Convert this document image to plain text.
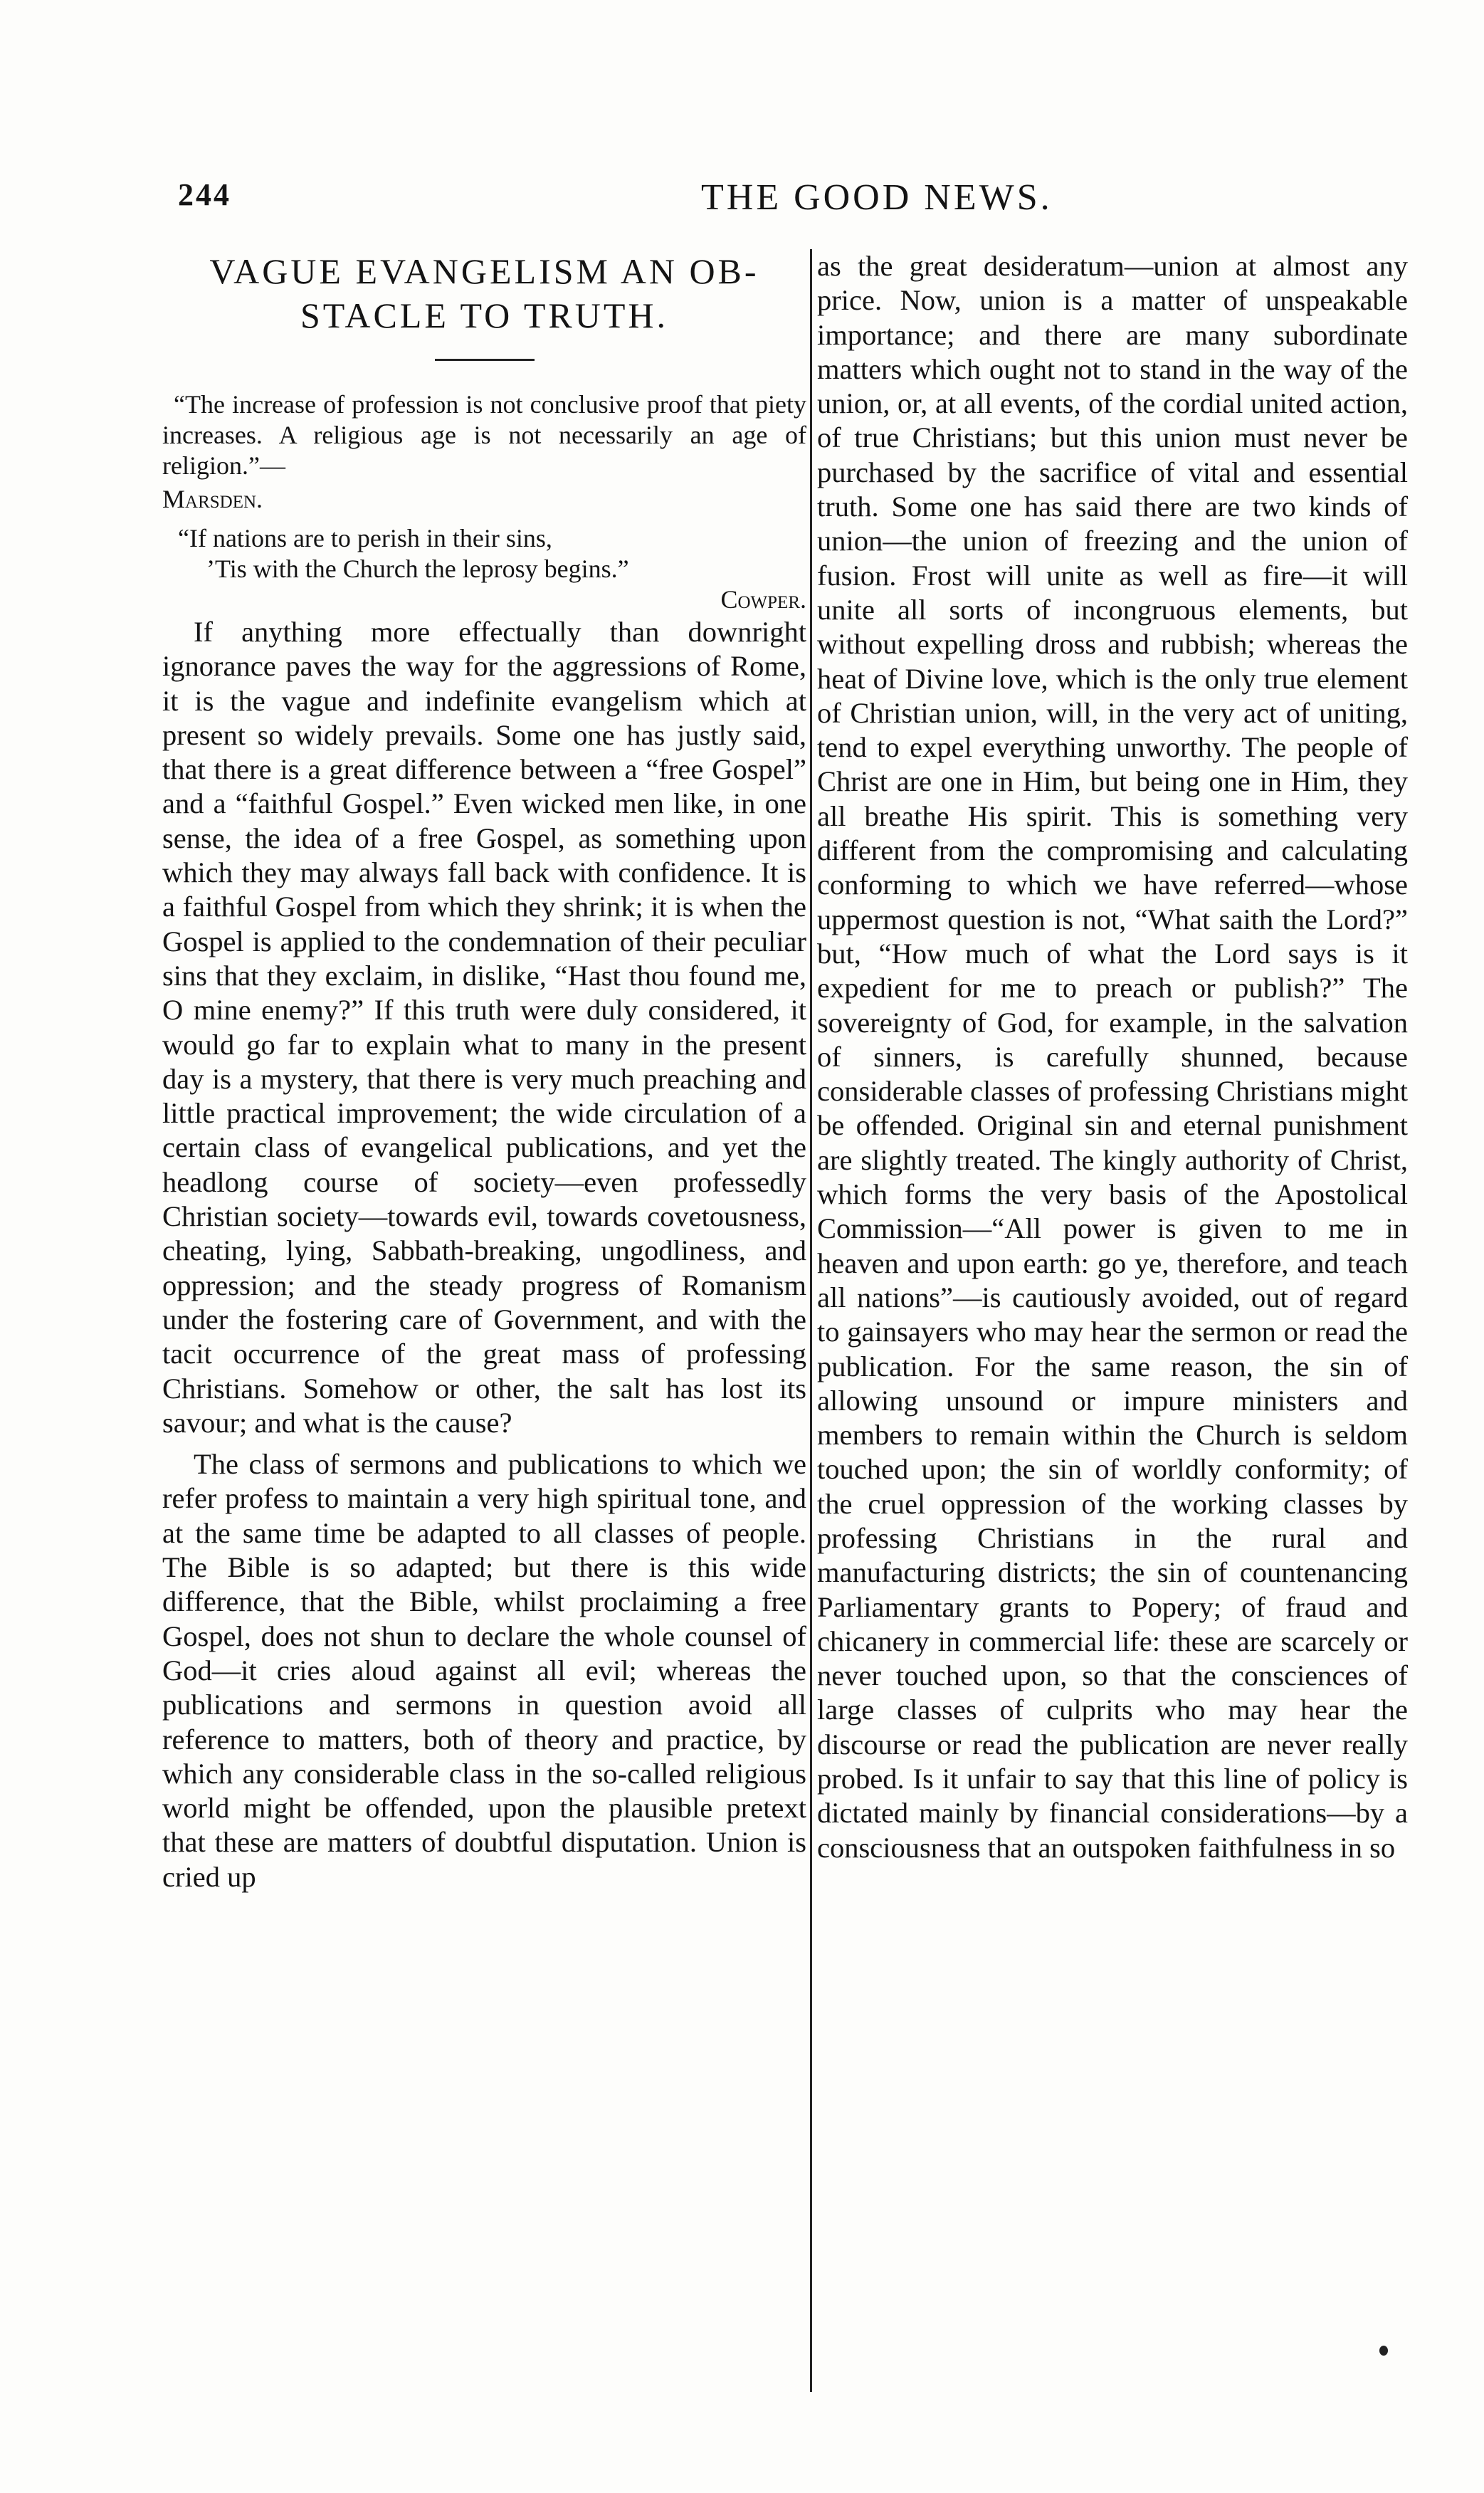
244	THE GOOD NEWS.
VAGUE EVANGELISM AN OB-STACLE TO TRUTH.

“The increase of profession is not conclusive proof that piety increases. A religious age is not necessarily an age of religion.”—

Marsden.

“If nations are to perish in their sins,

’Tis with the Church the leprosy begins.”

Cowper.

If anything more effectually than downright ignorance paves the way for the aggressions of Rome, it is the vague and indefinite evangelism which at present so widely prevails. Some one has justly said, that there is a great difference between a “free Gospel” and a “faithful Gospel.” Even wicked men like, in one sense, the idea of a free Gospel, as something upon which they may always fall back with confidence. It is a faithful Gospel from which they shrink; it is when the Gospel is applied to the condemnation of their peculiar sins that they exclaim, in dislike, “Hast thou found me, O mine enemy?” If this truth were duly considered, it would go far to explain what to many in the present day is a mystery, that there is very much preaching and little practical improvement; the wide circulation of a certain class of evangelical publications, and yet the headlong course of society—even professedly Christian society—towards evil, towards covetousness, cheating, lying, Sabbath-breaking, ungodliness, and oppression; and the steady progress of Romanism under the fostering care of Government, and with the tacit occurrence of the great mass of professing Christians. Somehow or other, the salt has lost its savour; and what is the cause?

The class of sermons and publications to which we refer profess to maintain a very high spiritual tone, and at the same time be adapted to all classes of people. The Bible is so adapted; but there is this wide difference, that the Bible, whilst proclaiming a free Gospel, does not shun to declare the whole counsel of God—it cries aloud against all evil; whereas the publications and sermons in question avoid all reference to matters, both of theory and practice, by which any considerable class in the so-called religious world might be offended, upon the plausible pretext that these are matters of doubtful disputation. Union is cried up

as the great desideratum—union at almost any price. Now, union is a matter of unspeakable importance; and there are many subordinate matters which ought not to stand in the way of the union, or, at all events, of the cordial united action, of true Christians; but this union must never be purchased by the sacrifice of vital and essential truth. Some one has said there are two kinds of union—the union of freezing and the union of fusion. Frost will unite as well as fire—it will unite all sorts of incongruous elements, but without expelling dross and rubbish; whereas the heat of Divine love, which is the only true element of Christian union, will, in the very act of uniting, tend to expel everything unworthy. The people of Christ are one in Him, but being one in Him, they all breathe His spirit. This is something very different from the compromising and calculating conforming to which we have referred—whose uppermost question is not, “What saith the Lord?” but, “How much of what the Lord says is it expedient for me to preach or publish?” The sovereignty of God, for example, in the salvation of sinners, is carefully shunned, because considerable classes of professing Christians might be offended. Original sin and eternal punishment are slightly treated. The kingly authority of Christ, which forms the very basis of the Apostolical Commission—“All power is given to me in heaven and upon earth: go ye, therefore, and teach all nations”—is cautiously avoided, out of regard to gainsayers who may hear the sermon or read the publication. For the same reason, the sin of allowing unsound or impure ministers and members to remain within the Church is seldom touched upon; the sin of worldly conformity; of the cruel oppression of the working classes by professing Christians in the rural and manufacturing districts; the sin of countenancing Parliamentary grants to Popery; of fraud and chicanery in commercial life: these are scarcely or never touched upon, so that the consciences of large classes of culprits who may hear the discourse or read the publication are never really probed. Is it unfair to say that this line of policy is dictated mainly by financial considerations—by a consciousness that an outspoken faithfulness in so
